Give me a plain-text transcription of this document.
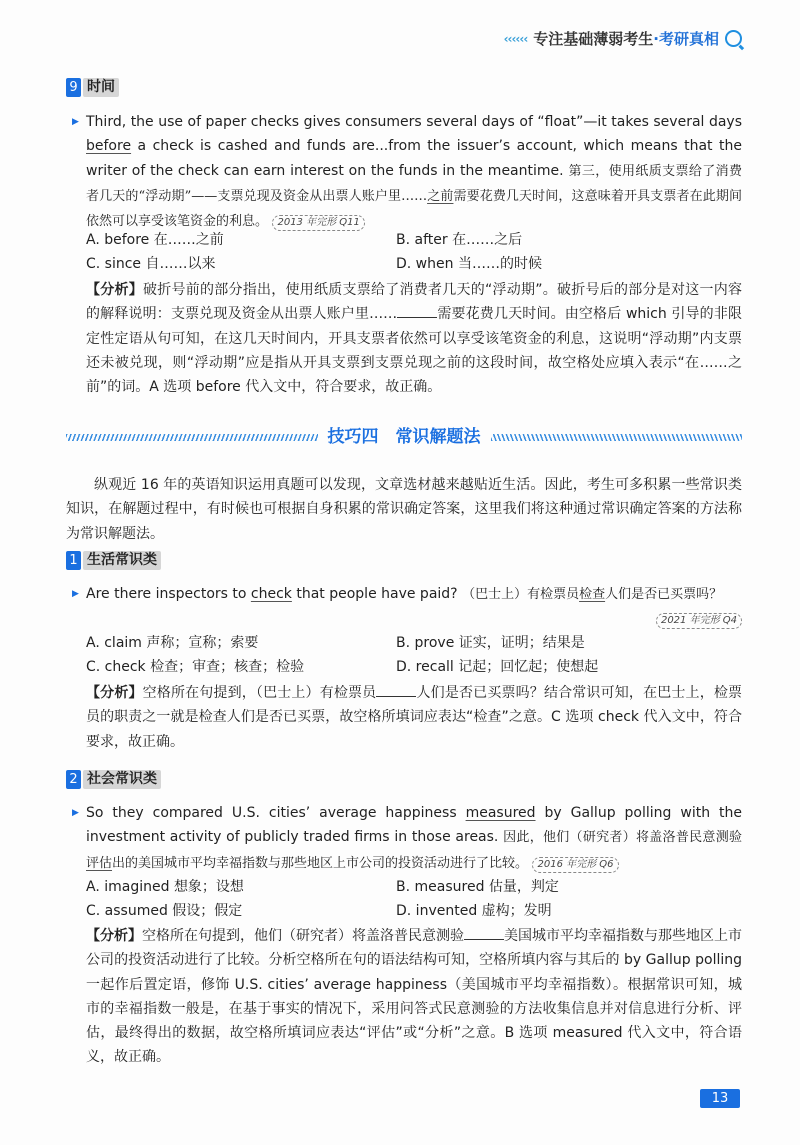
‹‹‹‹‹‹ 专注基础薄弱考生 · 考研真相
9 时间
▶ Third, the use of paper checks gives consumers several days of “float”—it takes several days before a check is cashed and funds are...from the issuer’s account, which means that the writer of the check can earn interest on the funds in the meantime. 第三，使用纸质支票给了消费者几天的“浮动期”——支票兑现及资金从出票人账户里……之前需要花费几天时间，这意味着开具支票者在此期间依然可以享受该笔资金的利息。 2013 年完形 Q11
A. before 在……之前	B. after 在……之后
C. since 自……以来	D. when 当……的时候
【分析】破折号前的部分指出，使用纸质支票给了消费者几天的“浮动期”。破折号后的部分是对这一内容的解释说明：支票兑现及资金从出票人账户里……	需要花费几天时间。由空格后 which 引导的非限定性定语从句可知，在这几天时间内，开具支票者依然可以享受该笔资金的利息，这说明“浮动期”内支票还未被兑现，则“浮动期”应是指从开具支票到支票兑现之前的这段时间，故空格处应填入表示“在……之前”的词。A 选项 before 代入文中，符合要求，故正确。
技巧四　常识解题法
纵观近 16 年的英语知识运用真题可以发现，文章选材越来越贴近生活。因此，考生可多积累一些常识类知识，在解题过程中，有时候也可根据自身积累的常识确定答案，这里我们将这种通过常识确定答案的方法称为常识解题法。
1 生活常识类
▶ Are there inspectors to check that people have paid? （巴士上）有检票员检查人们是否已买票吗？
2021 年完形 Q4
A. claim 声称；宣称；索要	B. prove 证实，证明；结果是
C. check 检查；审查；核查；检验	D. recall 记起；回忆起；使想起
【分析】空格所在句提到，（巴士上）有检票员	人们是否已买票吗？结合常识可知，在巴士上，检票员的职责之一就是检查人们是否已买票，故空格所填词应表达“检查”之意。C 选项 check 代入文中，符合要求，故正确。
2 社会常识类
▶ So they compared U.S. cities’ average happiness measured by Gallup polling with the investment activity of publicly traded firms in those areas. 因此，他们（研究者）将盖洛普民意测验评估出的美国城市平均幸福指数与那些地区上市公司的投资活动进行了比较。 2016 年完形 Q6
A. imagined 想象；设想	B. measured 估量，判定
C. assumed 假设；假定	D. invented 虚构；发明
【分析】空格所在句提到，他们（研究者）将盖洛普民意测验	美国城市平均幸福指数与那些地区上市公司的投资活动进行了比较。分析空格所在句的语法结构可知，空格所填内容与其后的 by Gallup polling 一起作后置定语，修饰 U.S. cities’ average happiness（美国城市平均幸福指数）。根据常识可知，城市的幸福指数一般是，在基于事实的情况下，采用问答式民意测验的方法收集信息并对信息进行分析、评估，最终得出的数据，故空格所填词应表达“评估”或“分析”之意。B 选项 measured 代入文中，符合语义，故正确。
13
